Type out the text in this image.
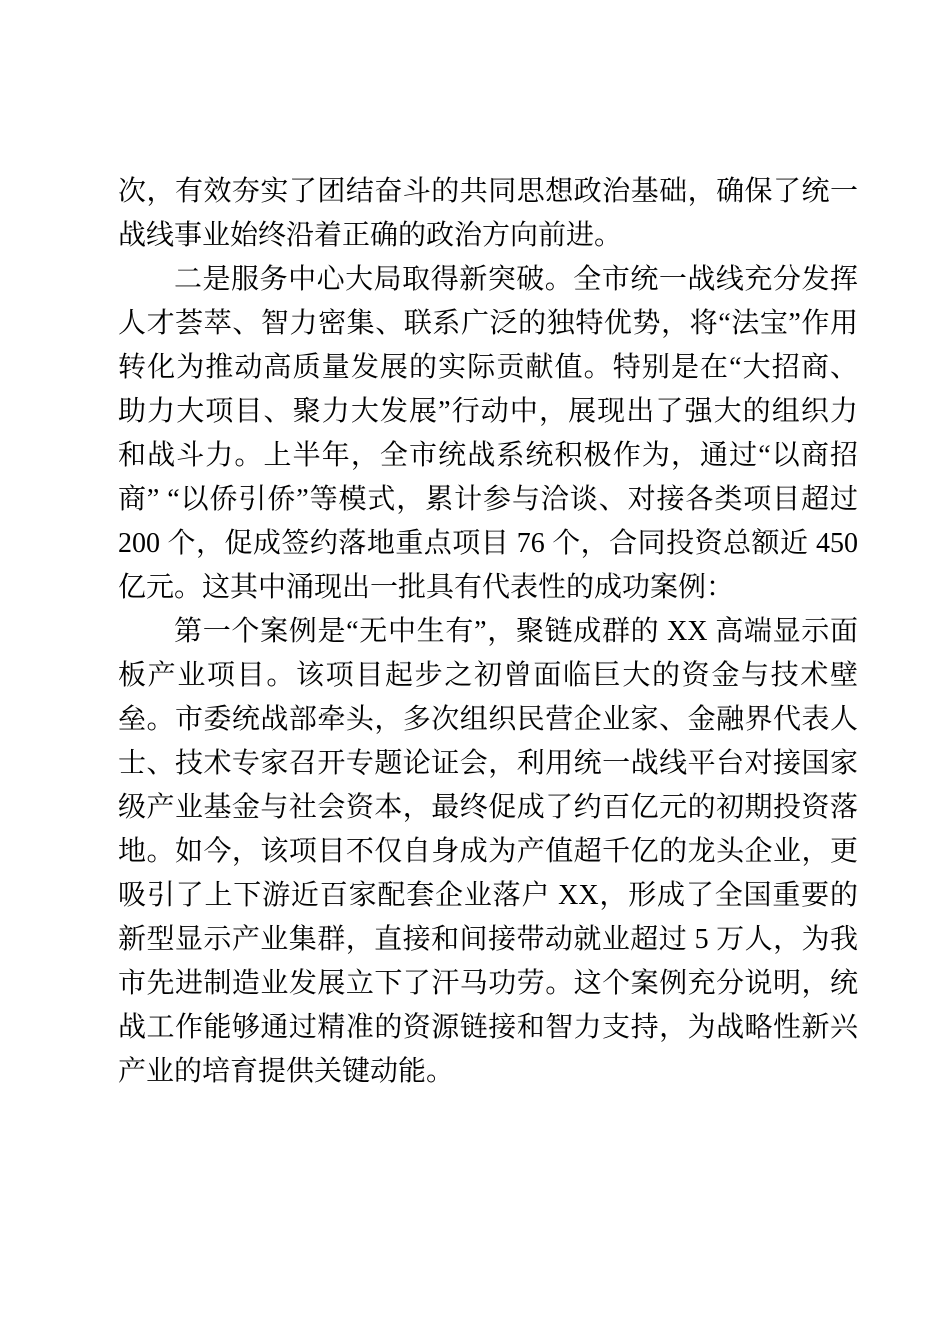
次，有效夯实了团结奋斗的共同思想政治基础，确保了统一战线事业始终沿着正确的政治方向前进。

二是服务中心大局取得新突破。全市统一战线充分发挥人才荟萃、智力密集、联系广泛的独特优势，将“法宝”作用转化为推动高质量发展的实际贡献值。特别是在“大招商、助力大项目、聚力大发展”行动中，展现出了强大的组织力和战斗力。上半年，全市统战系统积极作为，通过“以商招商” “以侨引侨”等模式，累计参与洽谈、对接各类项目超过 200 个，促成签约落地重点项目 76 个，合同投资总额近 450 亿元。这其中涌现出一批具有代表性的成功案例：

第一个案例是“无中生有”，聚链成群的 XX 高端显示面板产业项目。该项目起步之初曾面临巨大的资金与技术壁垒。市委统战部牵头，多次组织民营企业家、金融界代表人士、技术专家召开专题论证会，利用统一战线平台对接国家级产业基金与社会资本，最终促成了约百亿元的初期投资落地。如今，该项目不仅自身成为产值超千亿的龙头企业，更吸引了上下游近百家配套企业落户 XX，形成了全国重要的新型显示产业集群，直接和间接带动就业超过 5 万人，为我市先进制造业发展立下了汗马功劳。这个案例充分说明，统战工作能够通过精准的资源链接和智力支持，为战略性新兴产业的培育提供关键动能。
